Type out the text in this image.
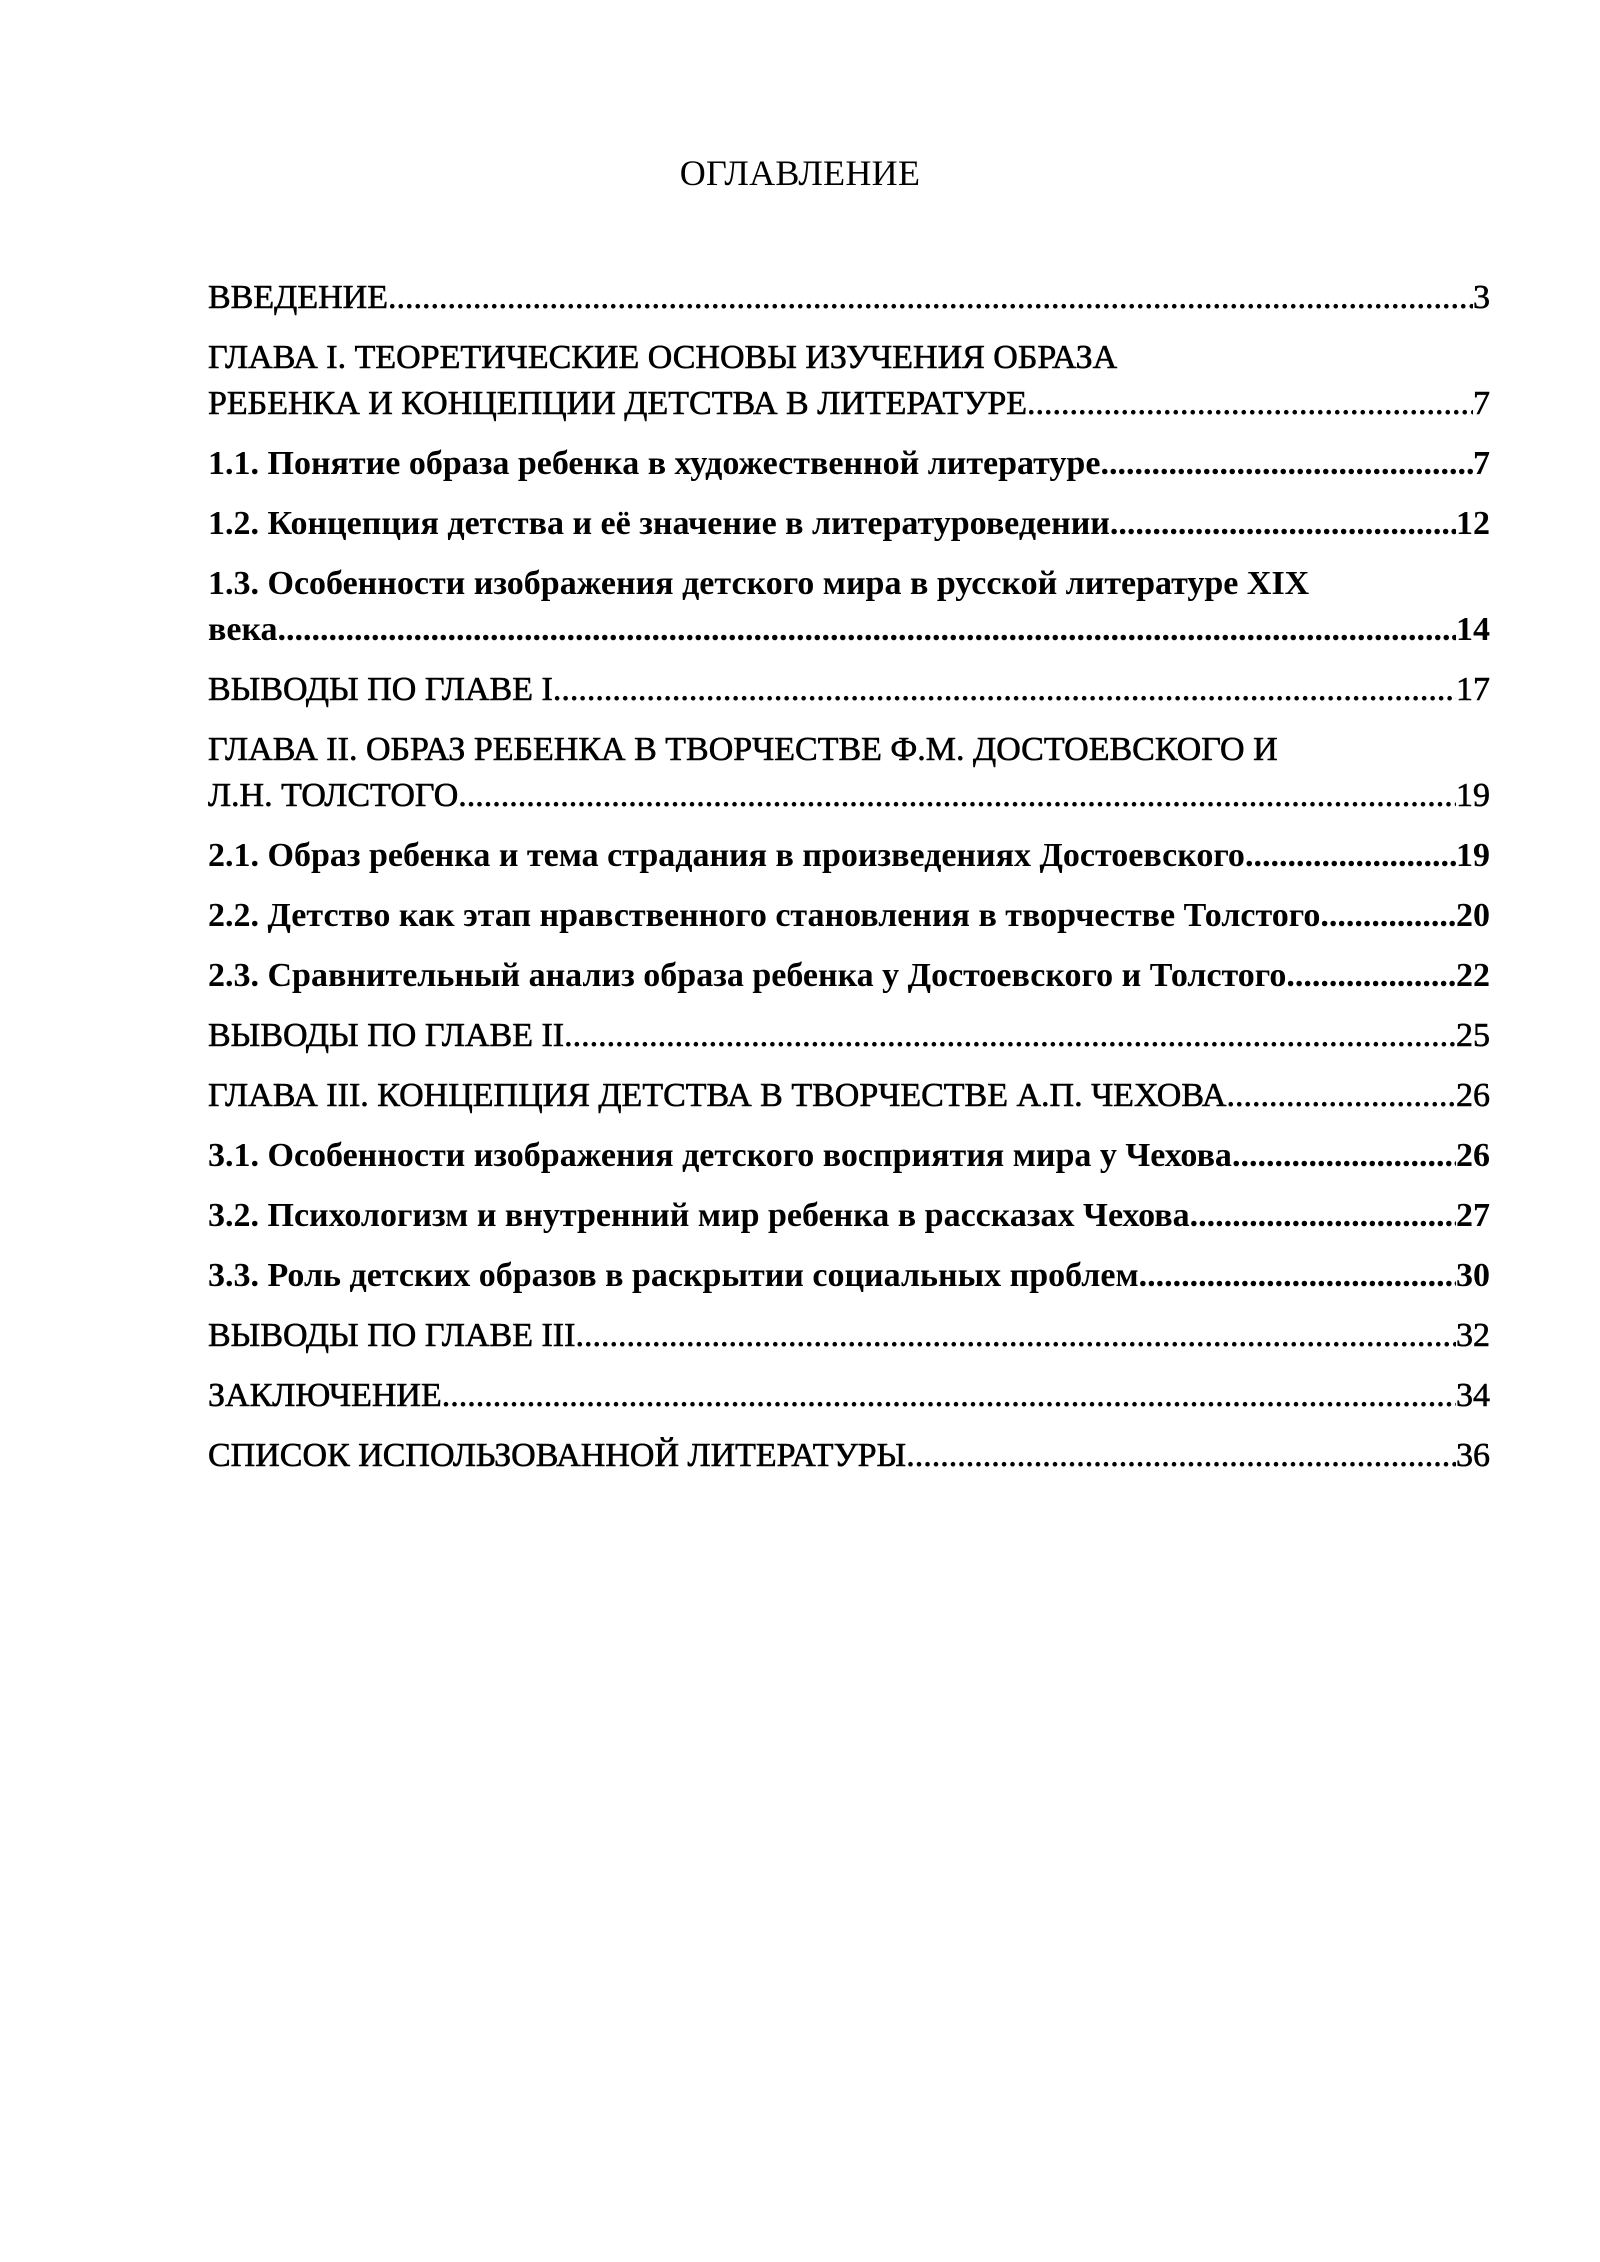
ОГЛАВЛЕНИЕ
ВВЕДЕНИЕ .....	3
ГЛАВА I. ТЕОРЕТИЧЕСКИЕ ОСНОВЫ ИЗУЧЕНИЯ ОБРАЗА
РЕБЕНКА И КОНЦЕПЦИИ ДЕТСТВА В ЛИТЕРАТУРЕ .....	7
1.1. Понятие образа ребенка в художественной литературе .....	7
1.2. Концепция детства и её значение в литературоведении .....	12
1.3. Особенности изображения детского мира в русской литературе XIX
века .....	14
ВЫВОДЫ ПО ГЛАВЕ I .....	17
ГЛАВА II. ОБРАЗ РЕБЕНКА В ТВОРЧЕСТВЕ Ф.М. ДОСТОЕВСКОГО И
Л.Н. ТОЛСТОГО .....	19
2.1. Образ ребенка и тема страдания в произведениях Достоевского .....	19
2.2. Детство как этап нравственного становления в творчестве Толстого .....	20
2.3. Сравнительный анализ образа ребенка у Достоевского и Толстого .....	22
ВЫВОДЫ ПО ГЛАВЕ II .....	25
ГЛАВА III. КОНЦЕПЦИЯ ДЕТСТВА В ТВОРЧЕСТВЕ А.П. ЧЕХОВА .....	26
3.1. Особенности изображения детского восприятия мира у Чехова .....	26
3.2. Психологизм и внутренний мир ребенка в рассказах Чехова .....	27
3.3. Роль детских образов в раскрытии социальных проблем .....	30
ВЫВОДЫ ПО ГЛАВЕ III .....	32
ЗАКЛЮЧЕНИЕ .....	34
СПИСОК ИСПОЛЬЗОВАННОЙ ЛИТЕРАТУРЫ .....	36
